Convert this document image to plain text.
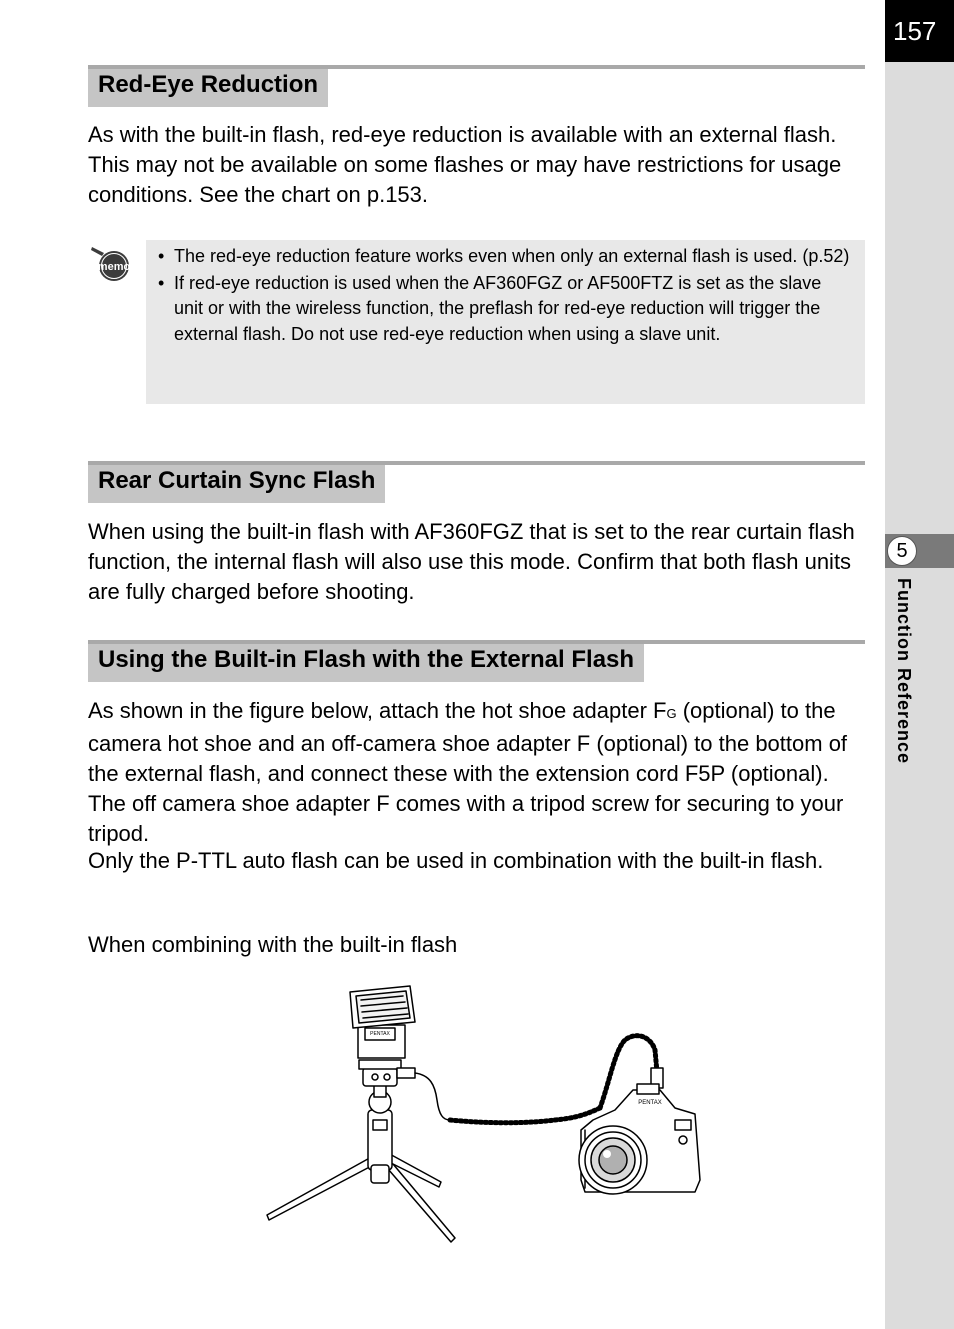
157
5
Function Reference
Red-Eye Reduction

As with the built-in flash, red-eye reduction is available with an external flash. This may not be available on some flashes or may have restrictions for usage conditions. See the chart on p.153.

memo
• The red-eye reduction feature works even when only an external flash is used. (p.52)
• If red-eye reduction is used when the AF360FGZ or AF500FTZ is set as the slave unit or with the wireless function, the preflash for red-eye reduction will trigger the external flash. Do not use red-eye reduction when using a slave unit.
Rear Curtain Sync Flash

When using the built-in flash with AF360FGZ that is set to the rear curtain flash function, the internal flash will also use this mode. Confirm that both flash units are fully charged before shooting.

Using the Built-in Flash with the External Flash

As shown in the figure below, attach the hot shoe adapter FG (optional) to the camera hot shoe and an off-camera shoe adapter F (optional) to the bottom of the external flash, and connect these with the extension cord F5P (optional). The off camera shoe adapter F comes with a tripod screw for securing to your tripod.

Only the P-TTL auto flash can be used in combination with the built-in flash.

When combining with the built-in flash

PENTAX
PENTAX
